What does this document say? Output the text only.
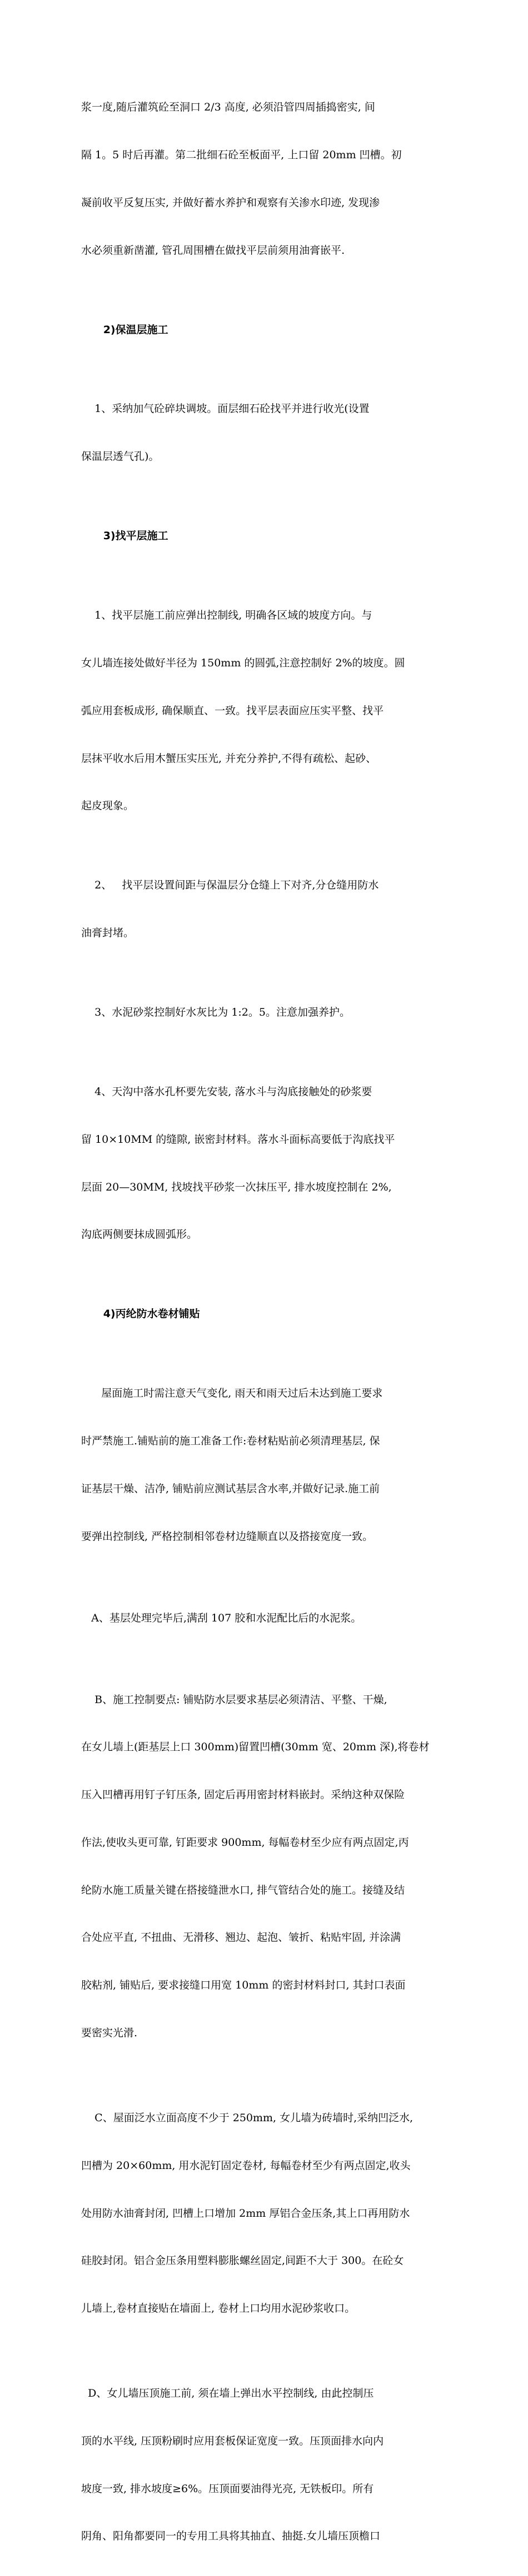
浆一度,随后灌筑砼至洞口 2/3 高度, 必须沿管四周插捣密实, 间

隔 1。5 时后再灌。第二批细石砼至板面平, 上口留 20mm 凹槽。初

凝前收平反复压实, 并做好蓄水养护和观察有关渗水印迹, 发现渗

水必须重新凿灌, 管孔周围槽在做找平层前须用油膏嵌平.

2)保温层施工

1、采纳加气砼碎块调坡。面层细石砼找平并进行收光(设置

保温层透气孔)。

3)找平层施工

1、找平层施工前应弹出控制线, 明确各区域的坡度方向。与

女儿墙连接处做好半径为 150mm 的圆弧,注意控制好 2%的坡度。圆

弧应用套板成形, 确保顺直、一致。找平层表面应压实平整、找平

层抹平收水后用木蟹压实压光, 并充分养护,不得有疏松、起砂、

起皮现象。

2、   找平层设置间距与保温层分仓缝上下对齐,分仓缝用防水

油膏封堵。

3、水泥砂浆控制好水灰比为 1:2。5。注意加强养护。

4、天沟中落水孔杯要先安装, 落水斗与沟底接触处的砂浆要

留 10×10MM 的缝隙, 嵌密封材料。落水斗面标高要低于沟底找平

层面 20—30MM, 找坡找平砂浆一次抹压平, 排水坡度控制在 2%,

沟底两侧要抹成圆弧形。

4)丙纶防水卷材铺贴

屋面施工时需注意天气变化, 雨天和雨天过后未达到施工要求

时严禁施工.铺贴前的施工准备工作:卷材粘贴前必须清理基层, 保

证基层干燥、洁净, 铺贴前应测试基层含水率,并做好记录.施工前

要弹出控制线, 严格控制相邻卷材边缝顺直以及搭接宽度一致。

A、基层处理完毕后,满刮 107 胶和水泥配比后的水泥浆。

B、施工控制要点: 铺贴防水层要求基层必须清洁、平整、干燥,

在女儿墙上(距基层上口 300mm)留置凹槽(30mm 宽、20mm 深),将卷材

压入凹槽再用钉子钉压条, 固定后再用密封材料嵌封。采纳这种双保险

作法,使收头更可靠, 钉距要求 900mm, 每幅卷材至少应有两点固定,丙

纶防水施工质量关键在搭接缝泄水口, 排气管结合处的施工。接缝及结

合处应平直, 不扭曲、无滑移、翘边、起泡、皱折、粘贴牢固, 并涂满

胶粘剂, 铺贴后, 要求接缝口用宽 10mm 的密封材料封口, 其封口表面

要密实光滑.

C、屋面泛水立面高度不少于 250mm, 女儿墙为砖墙时,采纳凹泛水,

凹槽为 20×60mm, 用水泥钉固定卷材, 每幅卷材至少有两点固定,收头

处用防水油膏封闭, 凹槽上口增加 2mm 厚铝合金压条,其上口再用防水

硅胶封闭。铝合金压条用塑料膨胀螺丝固定,间距不大于 300。在砼女

儿墙上,卷材直接贴在墙面上, 卷材上口均用水泥砂浆收口。

D、女儿墙压顶施工前, 须在墙上弹出水平控制线, 由此控制压

顶的水平线, 压顶粉刷时应用套板保证宽度一致。压顶面排水向内

坡度一致, 排水坡度≥6%。压顶面要油得光亮, 无铁板印。所有

阴角、阳角都要同一的专用工具将其抽直、抽挺.女儿墙压顶檐口
